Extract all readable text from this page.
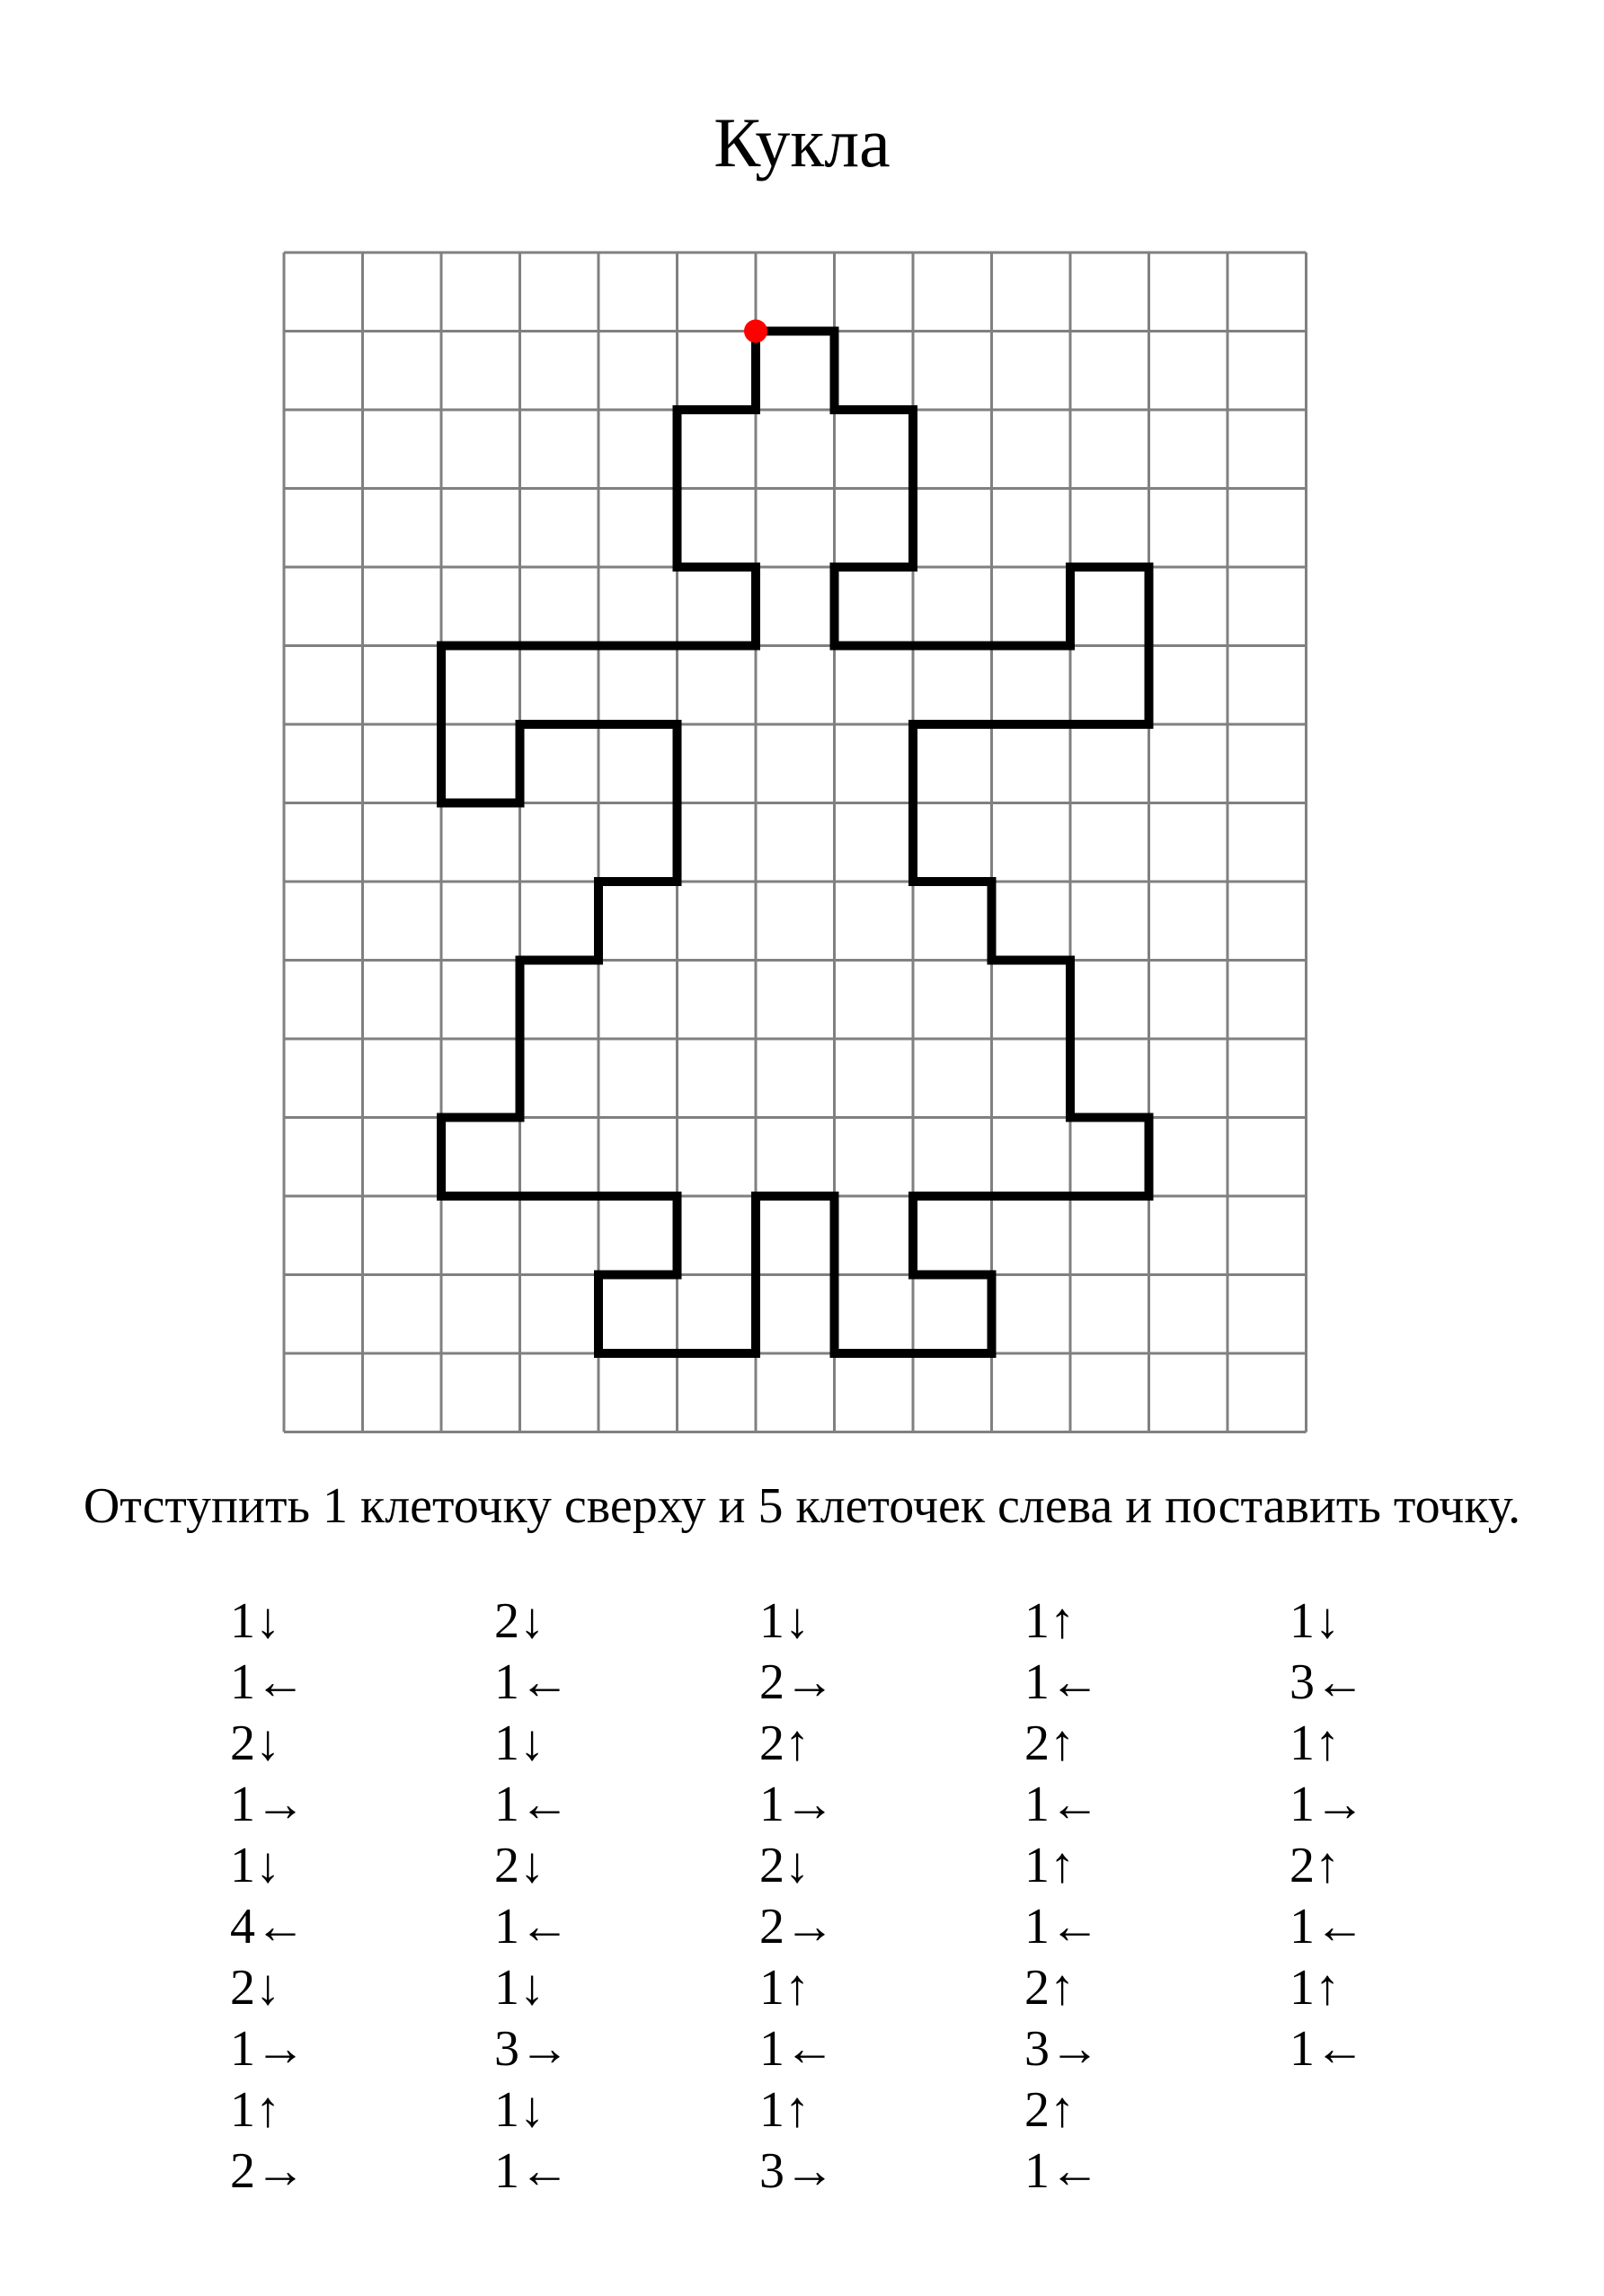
Кукла
Отступить 1 клеточку сверху и 5 клеточек слева и поставить точку.
1↓
1←
2↓
1→
1↓
4←
2↓
1→
1↑
2→
2↓
1←
1↓
1←
2↓
1←
1↓
3→
1↓
1←
1↓
2→
2↑
1→
2↓
2→
1↑
1←
1↑
3→
1↑
1←
2↑
1←
1↑
1←
2↑
3→
2↑
1←
1↓
3←
1↑
1→
2↑
1←
1↑
1←
